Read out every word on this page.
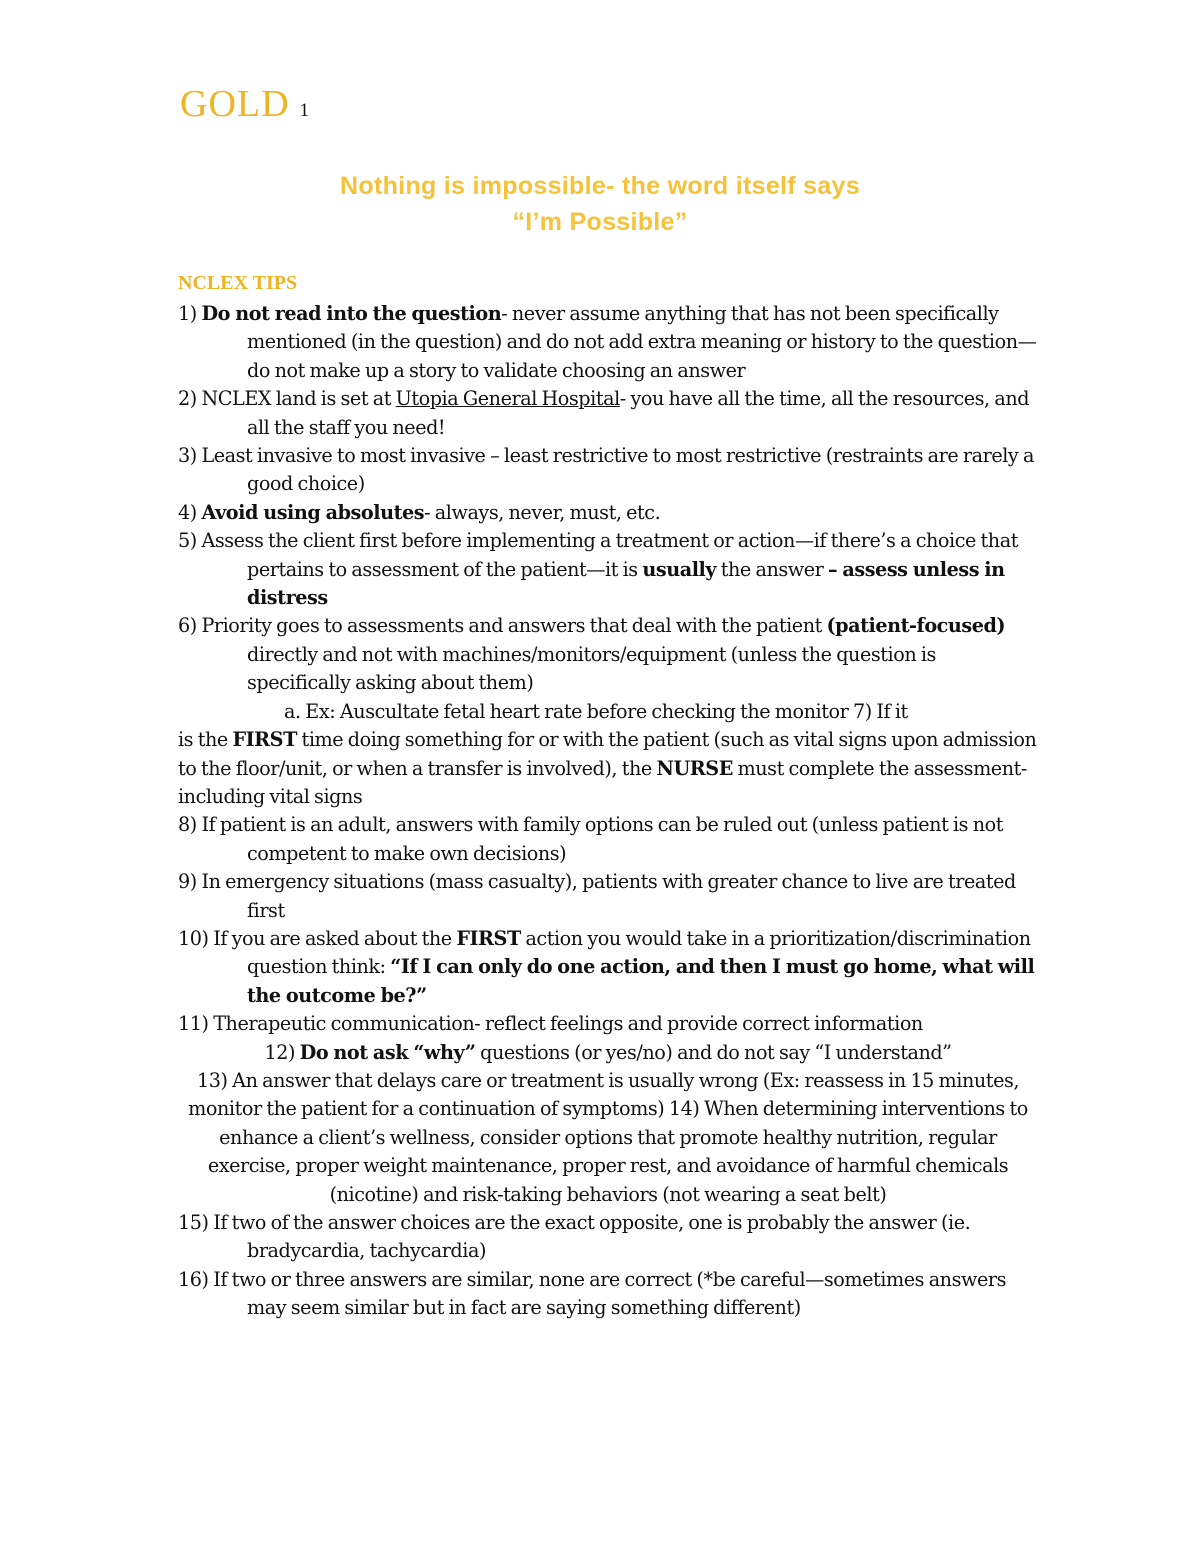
GOLD 1
Nothing is impossible- the word itself says
“I’m Possible”
NCLEX TIPS
1) Do not read into the question- never assume anything that has not been specifically mentioned (in the question) and do not add extra meaning or history to the question—do not make up a story to validate choosing an answer
2) NCLEX land is set at Utopia General Hospital- you have all the time, all the resources, and all the staff you need!
3) Least invasive to most invasive – least restrictive to most restrictive (restraints are rarely a good choice)
4) Avoid using absolutes- always, never, must, etc.
5) Assess the client first before implementing a treatment or action—if there’s a choice that pertains to assessment of the patient—it is usually the answer – assess unless in distress
6) Priority goes to assessments and answers that deal with the patient (patient-focused) directly and not with machines/monitors/equipment (unless the question is specifically asking about them)
a. Ex: Auscultate fetal heart rate before checking the monitor 7) If it
is the FIRST time doing something for or with the patient (such as vital signs upon admission to the floor/unit, or when a transfer is involved), the NURSE must complete the assessment- including vital signs
8) If patient is an adult, answers with family options can be ruled out (unless patient is not competent to make own decisions)
9) In emergency situations (mass casualty), patients with greater chance to live are treated first
10) If you are asked about the FIRST action you would take in a prioritization/discrimination question think: “If I can only do one action, and then I must go home, what will the outcome be?”
11) Therapeutic communication- reflect feelings and provide correct information
12) Do not ask “why” questions (or yes/no) and do not say “I understand”
13) An answer that delays care or treatment is usually wrong (Ex: reassess in 15 minutes, monitor the patient for a continuation of symptoms) 14) When determining interventions to enhance a client’s wellness, consider options that promote healthy nutrition, regular exercise, proper weight maintenance, proper rest, and avoidance of harmful chemicals (nicotine) and risk-taking behaviors (not wearing a seat belt)
15) If two of the answer choices are the exact opposite, one is probably the answer (ie. bradycardia, tachycardia)
16) If two or three answers are similar, none are correct (*be careful—sometimes answers may seem similar but in fact are saying something different)
